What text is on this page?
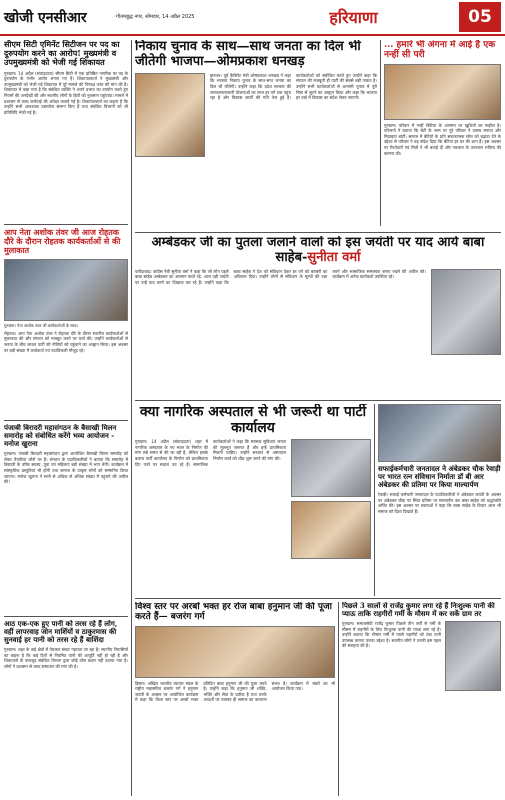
खोजी एनसीआर	गौतमबुद्ध नगर, सोमवार, 14 अप्रैल 2025	हरियाणा	05
सीएम सिटी एमिनेंट सिटीजन पर पद का दुरुपयोग करने का आरोप! मुख्यमंत्री व उपमुख्यमंत्री को भेजी गई शिकायत

गुरुग्राम। 14 अप्रैल (संवाददाता) सीएम सिटी में एक प्रतिष्ठित नागरिक पर पद के दुरुपयोग के गंभीर आरोप लगाए गए हैं। शिकायतकर्ता ने मुख्यमंत्री और उपमुख्यमंत्री को भेजी गई शिकायत में पूरे मामले की निष्पक्ष जांच की मांग की है। शिकायत में कहा गया है कि संबंधित व्यक्ति ने अपने प्रभाव का उपयोग करते हुए नियमों की अनदेखी की और स्थानीय लोगों के हितों को नुकसान पहुंचाया। मामले में प्रशासन से जल्द कार्रवाई की अपेक्षा जताई गई है। शिकायतकर्ता का कहना है कि उन्होंने सभी आवश्यक दस्तावेज संलग्न किए हैं तथा संबंधित विभागों को भी प्रतिलिपि भेजी गई है।

आप नेता अशोक तंवर जी आज रोहतक दौरे के दौरान रोहतक कार्यकर्ताओं से की मुलाकात

गुरुग्राम। नेता अशोक तंवर जी कार्यकर्ताओं के साथ।

रोहतक। आप नेता अशोक तंवर ने रोहतक दौरे के दौरान स्थानीय कार्यकर्ताओं से मुलाकात की और संगठन को मजबूत करने पर चर्चा की। उन्होंने कार्यकर्ताओं से जनता के बीच जाकर पार्टी की नीतियों को पहुंचाने का आह्वान किया। इस अवसर पर बड़ी संख्या में कार्यकर्ता एवं पदाधिकारी मौजूद रहे।

पंजाबी बिरादरी महासंगठन के बैसाखी मिलन समारोह को संबोधित करेंगे भव्य आयोजन - मनोज खुराना

गुरुग्राम। पंजाबी बिरादरी महासंगठन द्वारा आयोजित बैसाखी मिलन समारोह को लेकर तैयारियां जोरों पर हैं। संगठन के पदाधिकारियों ने बताया कि समारोह में बिरादरी के वरिष्ठ सदस्य, युवा एवं महिलाएं बड़ी संख्या में भाग लेंगी। कार्यक्रम में सांस्कृतिक प्रस्तुतियां भी होंगी तथा समाज के उत्कृष्ट लोगों को सम्मानित किया जाएगा। मनोज खुराना ने सभी से अधिक से अधिक संख्या में पहुंचने की अपील की।

आठ एक-एक हुए पानी को तरस रहे हैं लोग, वहीं लापरवाह जोन मार्शियों व ठाकुरमास की सुनवाई हर पानी को तरस रहे हैं बाशिंदा

गुरुग्राम। शहर के कई क्षेत्रों में पेयजल संकट गहराता जा रहा है। स्थानीय निवासियों का कहना है कि कई दिनों से नियमित पानी की आपूर्ति नहीं हो रही है और शिकायतों के बावजूद संबंधित विभाग द्वारा कोई ठोस कदम नहीं उठाया गया है। लोगों ने प्रशासन से जल्द समाधान की मांग की है।

निकाय चुनाव के साथ—साथ जनता का दिल भी जीतेगी भाजपा—ओमप्रकाश धनखड़

झज्जर। पूर्व कैबिनेट मंत्री ओमप्रकाश धनखड़ ने कहा कि भाजपा निकाय चुनाव के साथ-साथ जनता का दिल भी जीतेगी। उन्होंने कहा कि प्रदेश सरकार की जनकल्याणकारी योजनाओं का लाभ हर वर्ग तक पहुंच रहा है और विकास कार्यों की गति तेज हुई है। कार्यकर्ताओं को संबोधित करते हुए उन्होंने कहा कि संगठन की मजबूती ही पार्टी की सबसे बड़ी ताकत है। उन्होंने सभी कार्यकर्ताओं से आगामी चुनाव में पूरी निष्ठा से जुटने का आह्वान किया और कहा कि भाजपा हर वार्ड में विकास का संदेश लेकर जाएगी।

... हमारे भी अंगना में आई है एक नन्हीं सी परी

गुरुग्राम। परिवार में नन्हीं बिटिया के आगमन पर खुशियों का माहौल है। परिजनों ने बताया कि बेटी के जन्म पर पूरे परिवार ने उत्सव मनाया और मिठाइयां बांटीं। समाज में बेटियों के प्रति सकारात्मक सोच को बढ़ावा देने के उद्देश्य से परिवार ने यह संदेश दिया कि बेटियां हर घर की शान हैं। इस अवसर पर रिश्तेदारों एवं मित्रों ने भी बधाई दी और नवजात के उज्ज्वल भविष्य की कामना की।

अम्बेडकर जी का पुतला जलाने वालों को इस जयंती पर याद आये बाबा साहेब-सुनीता वर्मा

फरीदाबाद। कांग्रेस नेत्री सुनीता वर्मा ने कहा कि जो लोग पहले बाबा साहेब अम्बेडकर का अपमान करते रहे, आज वही जयंती पर उन्हें याद करने का दिखावा कर रहे हैं। उन्होंने कहा कि बाबा साहेब ने देश को संविधान देकर हर वर्ग को बराबरी का अधिकार दिया। उन्होंने लोगों से संविधान के मूल्यों की रक्षा करने और सामाजिक समरसता बनाए रखने की अपील की। कार्यक्रम में अनेक कार्यकर्ता उपस्थित रहे।

क्या नागरिक अस्पताल से भी जरूरी था पार्टी कार्यालय

गुरुग्राम। 14 अप्रैल (संवाददाता) शहर में नागरिक अस्पताल के नए भवन के निर्माण की मांग लंबे समय से की जा रही है, लेकिन इसके बजाय पार्टी कार्यालय के निर्माण को प्राथमिकता दिए जाने पर सवाल उठ रहे हैं। सामाजिक कार्यकर्ताओं ने कहा कि स्वास्थ्य सुविधाएं जनता की मूलभूत जरूरत हैं और इन्हें प्राथमिकता मिलनी चाहिए। उन्होंने सरकार से अस्पताल निर्माण कार्य को शीघ्र शुरू करने की मांग की।

सफाईकर्मचारी जनतादल ने अंबेडकर चौक रेवाड़ी पर भारत रत्न संविधान निर्माता डॉ बी आर अंबेडकर की प्रतिमा पर किया माल्यार्पण

रेवाड़ी। सफाई कर्मचारी जनतादल के पदाधिकारियों ने अंबेडकर जयंती के अवसर पर अंबेडकर चौक पर स्थित प्रतिमा पर माल्यार्पण कर बाबा साहेब को श्रद्धांजलि अर्पित की। इस अवसर पर वक्ताओं ने कहा कि बाबा साहेब के विचार आज भी समाज को दिशा दिखाते हैं।

विश्व स्तर पर अरबों भक्त हर रोज बाबा हनुमान जी की पूजा करते हैं— बजरंग गर्ग

हिसार। अखिल भारतीय व्यापार मंडल के राष्ट्रीय महासचिव बजरंग गर्ग ने हनुमान जयंती के अवसर पर आयोजित कार्यक्रम में कहा कि विश्व स्तर पर अरबों भक्त प्रतिदिन बाबा हनुमान जी की पूजा करते हैं। उन्होंने कहा कि हनुमान जी शक्ति, भक्ति और सेवा के प्रतीक हैं तथा उनके आदर्शों पर चलकर ही समाज का कल्याण संभव है। कार्यक्रम में भंडारे का भी आयोजन किया गया।

पिछले 3 सालों से राजेंद्र कुमार लगा रहे हैं निःशुल्क पानी की प्याऊ ताकि राहगीरों गर्मी के मौसम में कर सकें ग्राम तर

गुरुग्राम। समाजसेवी राजेंद्र कुमार पिछले तीन वर्षों से गर्मी के मौसम में राहगीरों के लिए निःशुल्क पानी की प्याऊ लगा रहे हैं। उन्होंने बताया कि भीषण गर्मी में प्यासे राहगीरों को ठंडा पानी उपलब्ध कराना उनका उद्देश्य है। स्थानीय लोगों ने उनकी इस पहल की सराहना की है।
